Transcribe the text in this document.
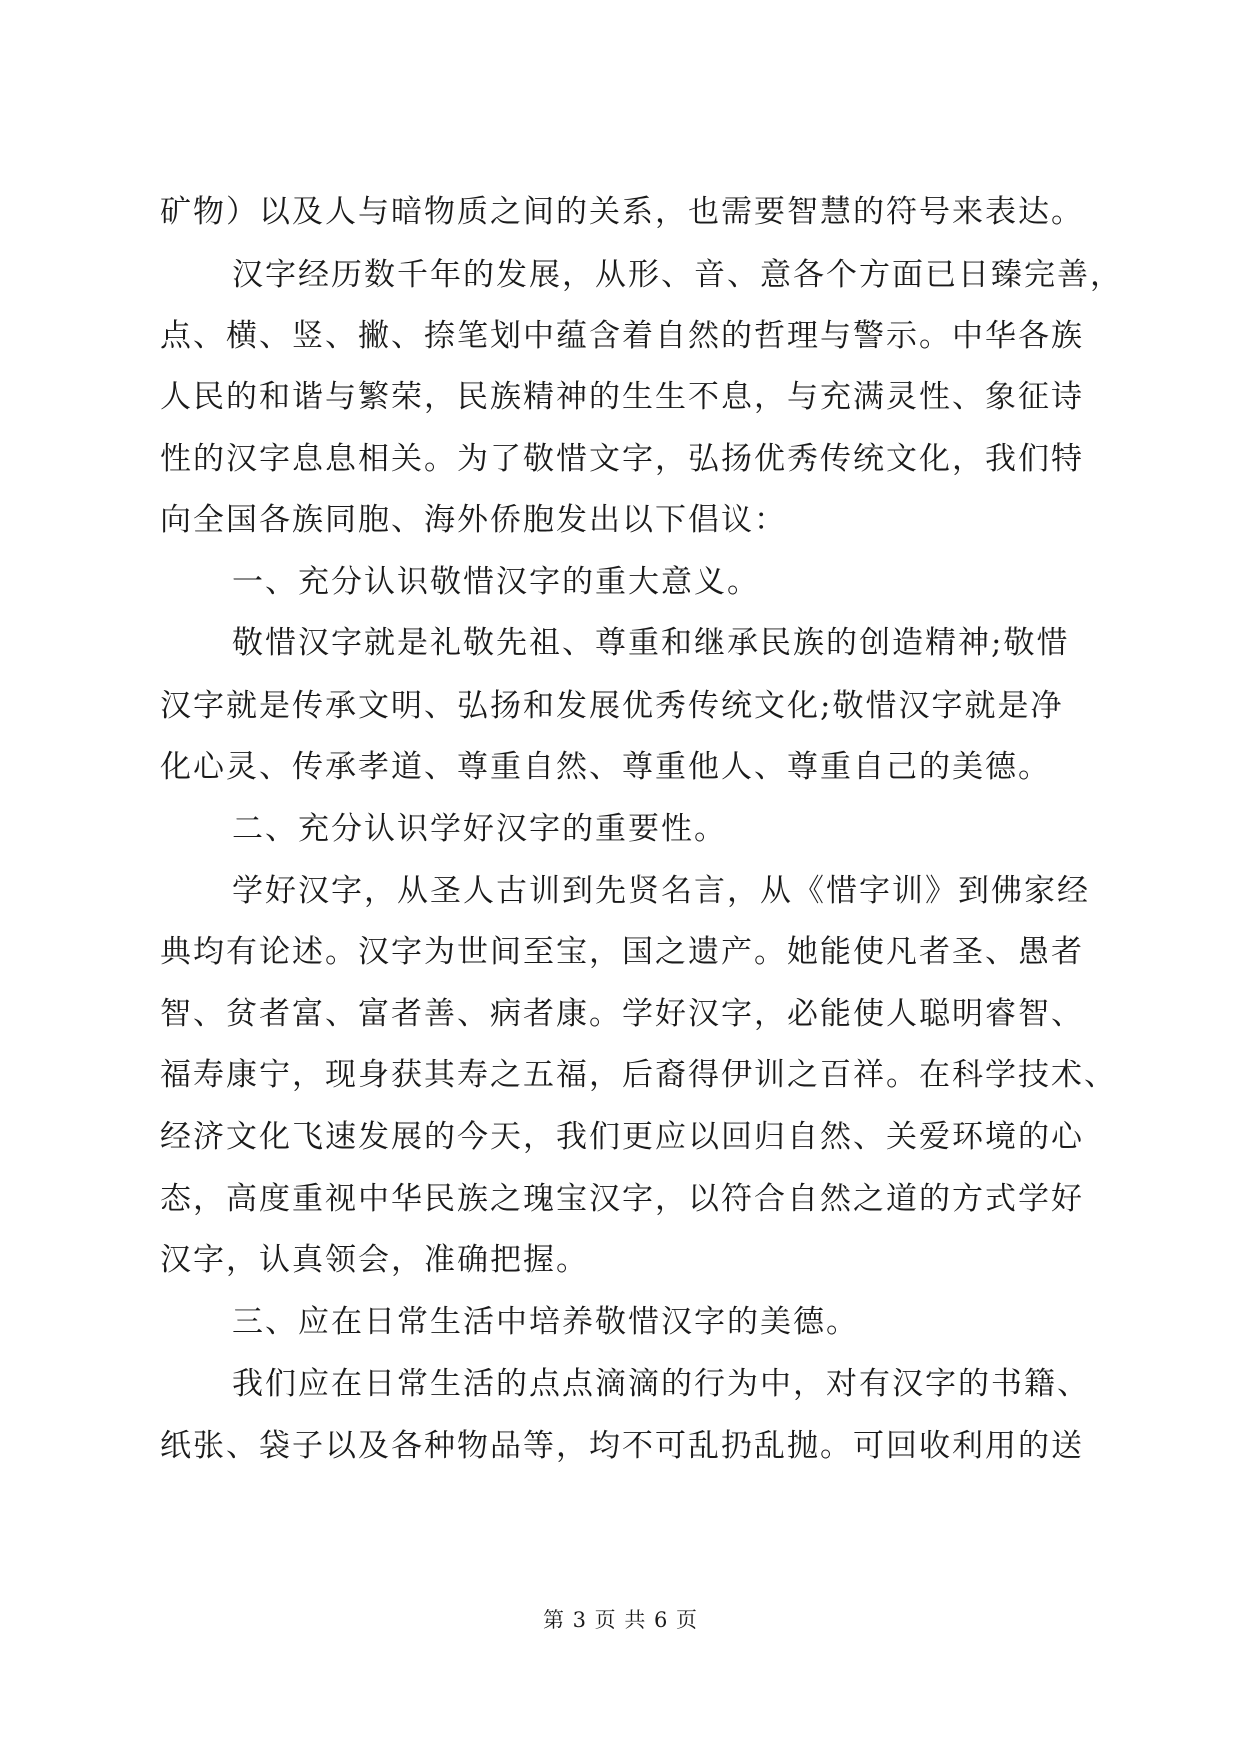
矿物）以及人与暗物质之间的关系，也需要智慧的符号来表达。
汉字经历数千年的发展，从形、音、意各个方面已日臻完善，
点、横、竖、撇、捺笔划中蕴含着自然的哲理与警示。中华各族
人民的和谐与繁荣，民族精神的生生不息，与充满灵性、象征诗
性的汉字息息相关。为了敬惜文字，弘扬优秀传统文化，我们特
向全国各族同胞、海外侨胞发出以下倡议：
一、充分认识敬惜汉字的重大意义。
敬惜汉字就是礼敬先祖、尊重和继承民族的创造精神;敬惜
汉字就是传承文明、弘扬和发展优秀传统文化;敬惜汉字就是净
化心灵、传承孝道、尊重自然、尊重他人、尊重自己的美德。
二、充分认识学好汉字的重要性。
学好汉字，从圣人古训到先贤名言，从《惜字训》到佛家经
典均有论述。汉字为世间至宝，国之遗产。她能使凡者圣、愚者
智、贫者富、富者善、病者康。学好汉字，必能使人聪明睿智、
福寿康宁，现身获其寿之五福，后裔得伊训之百祥。在科学技术、
经济文化飞速发展的今天，我们更应以回归自然、关爱环境的心
态，高度重视中华民族之瑰宝汉字，以符合自然之道的方式学好
汉字，认真领会，准确把握。
三、应在日常生活中培养敬惜汉字的美德。
我们应在日常生活的点点滴滴的行为中，对有汉字的书籍、
纸张、袋子以及各种物品等，均不可乱扔乱抛。可回收利用的送
第 3 页 共 6 页
